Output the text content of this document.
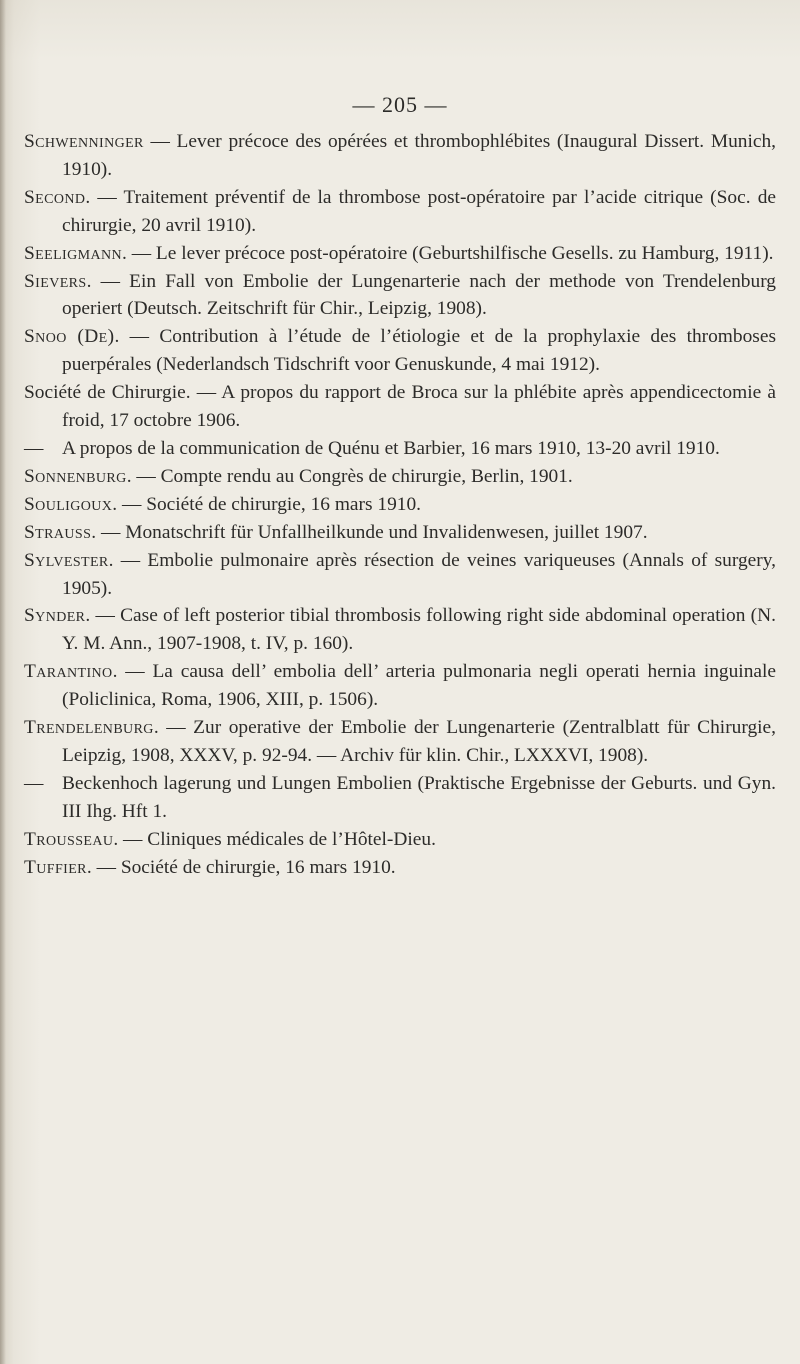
— 205 —

Schwenninger — Lever précoce des opérées et thrombophlébites (Inaugural Dissert. Munich, 1910).

Second. — Traitement préventif de la thrombose post-opératoire par l’acide citrique (Soc. de chirurgie, 20 avril 1910).

Seeligmann. — Le lever précoce post-opératoire (Geburtshilfische Gesells. zu Hamburg, 1911).

Sievers. — Ein Fall von Embolie der Lungenarterie nach der methode von Trendelenburg operiert (Deutsch. Zeitschrift für Chir., Leipzig, 1908).

Snoo (De). — Contribution à l’étude de l’étiologie et de la prophylaxie des thromboses puerpérales (Nederlandsch Tidschrift voor Genuskunde, 4 mai 1912).

Société de Chirurgie. — A propos du rapport de Broca sur la phlébite après appendicectomie à froid, 17 octobre 1906.

— A propos de la communication de Quénu et Barbier, 16 mars 1910, 13-20 avril 1910.

Sonnenburg. — Compte rendu au Congrès de chirurgie, Berlin, 1901.

Souligoux. — Société de chirurgie, 16 mars 1910.

Strauss. — Monatschrift für Unfallheilkunde und Invalidenwesen, juillet 1907.

Sylvester. — Embolie pulmonaire après résection de veines variqueuses (Annals of surgery, 1905).

Synder. — Case of left posterior tibial thrombosis following right side abdominal operation (N. Y. M. Ann., 1907-1908, t. IV, p. 160).

Tarantino. — La causa dell’ embolia dell’ arteria pulmonaria negli operati hernia inguinale (Policlinica, Roma, 1906, XIII, p. 1506).

Trendelenburg. — Zur operative der Embolie der Lungenarterie (Zentralblatt für Chirurgie, Leipzig, 1908, XXXV, p. 92-94. — Archiv für klin. Chir., LXXXVI, 1908).

— Beckenhoch lagerung und Lungen Embolien (Praktische Ergebnisse der Geburts. und Gyn. III Ihg. Hft 1.

Trousseau. — Cliniques médicales de l’Hôtel-Dieu.

Tuffier. — Société de chirurgie, 16 mars 1910.
